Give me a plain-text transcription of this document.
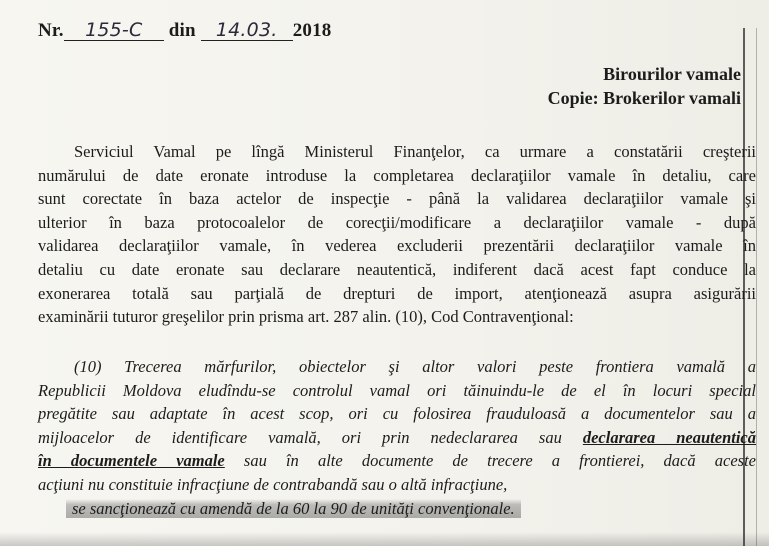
Nr. 155-C din 14.03. 2018
Birourilor vamale
Copie: Brokerilor vamali
Serviciul Vamal pe lîngă Ministerul Finanţelor, ca urmare a constatării creşterii
numărului de date eronate introduse la completarea declaraţiilor vamale în detaliu, care
sunt corectate în baza actelor de inspecţie - până la validarea declaraţiilor vamale şi
ulterior în baza protocoalelor de corecţii/modificare a declaraţiilor vamale - după
validarea declaraţiilor vamale, în vederea excluderii prezentării declaraţiilor vamale în
detaliu cu date eronate sau declarare neautentică, indiferent dacă acest fapt conduce la
exonerarea totală sau parţială de drepturi de import, atenţionează asupra asigurării
examinării tuturor greşelilor prin prisma art. 287 alin. (10), Cod Contravenţional:
(10) Trecerea mărfurilor, obiectelor şi altor valori peste frontiera vamală a
Republicii Moldova eludîndu-se controlul vamal ori tăinuindu-le de el în locuri special
pregătite sau adaptate în acest scop, ori cu folosirea frauduloasă a documentelor sau a
mijloacelor de identificare vamală, ori prin nedeclararea sau declararea neautentică
în documentele vamale sau în alte documente de trecere a frontierei, dacă aceste
acţiuni nu constituie infracţiune de contrabandă sau o altă infracţiune,
se sancţionează cu amendă de la 60 la 90 de unităţi convenţionale.
